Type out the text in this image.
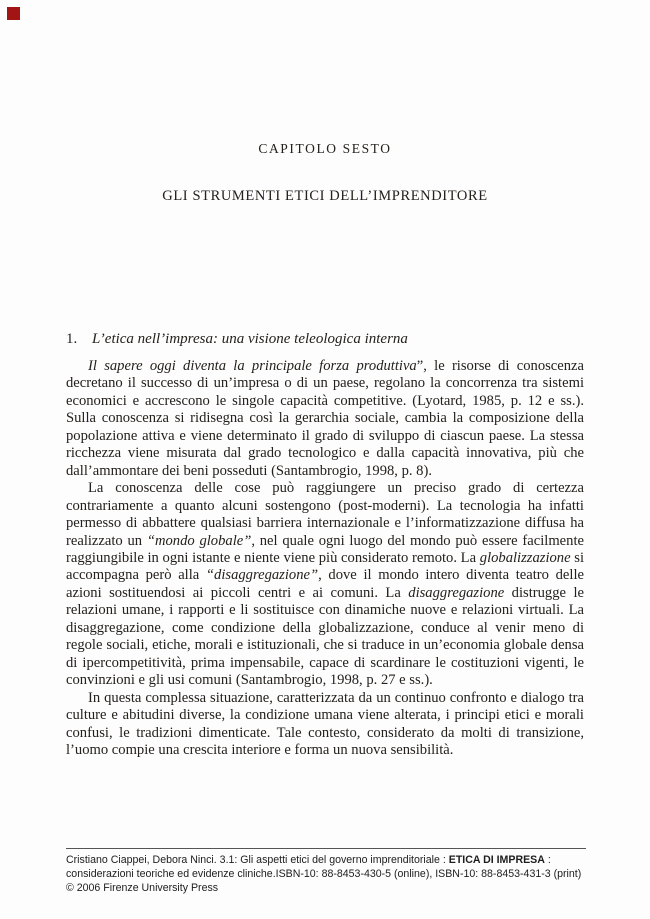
CAPITOLO SESTO
GLI STRUMENTI ETICI DELL’IMPRENDITORE
1. L’etica nell’impresa: una visione teleologica interna

Il sapere oggi diventa la principale forza produttiva”, le risorse di conoscenza decretano il successo di un’impresa o di un paese, regolano la concorrenza tra sistemi economici e accrescono le singole capacità competitive. (Lyotard, 1985, p. 12 e ss.). Sulla conoscenza si ridisegna così la gerarchia sociale, cambia la composizione della popolazione attiva e viene determinato il grado di sviluppo di ciascun paese. La stessa ricchezza viene misurata dal grado tecnologico e dalla capacità innovativa, più che dall’ammontare dei beni posseduti (Santambrogio, 1998, p. 8).

La conoscenza delle cose può raggiungere un preciso grado di certezza contrariamente a quanto alcuni sostengono (post-moderni). La tecnologia ha infatti permesso di abbattere qualsiasi barriera internazionale e l’informatizzazione diffusa ha realizzato un “mondo globale”, nel quale ogni luogo del mondo può essere facilmente raggiungibile in ogni istante e niente viene più considerato remoto. La globalizzazione si accompagna però alla “disaggregazione”, dove il mondo intero diventa teatro delle azioni sostituendosi ai piccoli centri e ai comuni. La disaggregazione distrugge le relazioni umane, i rapporti e li sostituisce con dinamiche nuove e relazioni virtuali. La disaggregazione, come condizione della globalizzazione, conduce al venir meno di regole sociali, etiche, morali e istituzionali, che si traduce in un’economia globale densa di ipercompetitività, prima impensabile, capace di scardinare le costituzioni vigenti, le convinzioni e gli usi comuni (Santambrogio, 1998, p. 27 e ss.).

In questa complessa situazione, caratterizzata da un continuo confronto e dialogo tra culture e abitudini diverse, la condizione umana viene alterata, i principi etici e morali confusi, le tradizioni dimenticate. Tale contesto, considerato da molti di transizione, l’uomo compie una crescita interiore e forma un nuova sensibilità.

Cristiano Ciappei, Debora Ninci. 3.1: Gli aspetti etici del governo imprenditoriale : ETICA DI IMPRESA :
considerazioni teoriche ed evidenze cliniche.ISBN-10: 88-8453-430-5 (online), ISBN-10: 88-8453-431-3 (print)
© 2006 Firenze University Press
